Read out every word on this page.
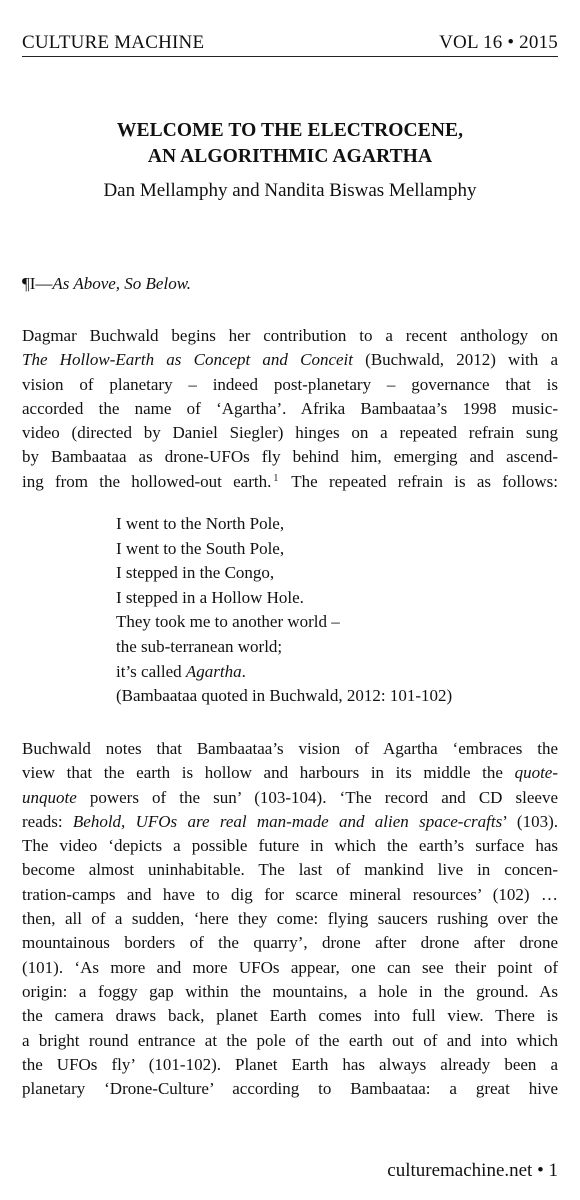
CULTURE MACHINE	VOL 16 • 2015
WELCOME TO THE ELECTROCENE,
AN ALGORITHMIC AGARTHA
Dan Mellamphy and Nandita Biswas Mellamphy
¶I—As Above, So Below.
Dagmar Buchwald begins her contribution to a recent anthology on
The Hollow-Earth as Concept and Conceit (Buchwald, 2012) with a
vision of planetary – indeed post-planetary – governance that is
accorded the name of ‘Agartha’. Afrika Bambaataa’s 1998 music-
video (directed by Daniel Siegler) hinges on a repeated refrain sung
by Bambaataa as drone-UFOs fly behind him, emerging and ascend-
ing from the hollowed-out earth. $^1$ The repeated refrain is as follows:
I went to the North Pole,
I went to the South Pole,
I stepped in the Congo,
I stepped in a Hollow Hole.
They took me to another world –
the sub-terranean world;
it’s called Agartha.
(Bambaataa quoted in Buchwald, 2012: 101-102)
Buchwald notes that Bambaataa’s vision of Agartha ‘embraces the
view that the earth is hollow and harbours in its middle the quote-
unquote powers of the sun’ (103-104). ‘The record and CD sleeve
reads: Behold, UFOs are real man-made and alien space-crafts’ (103).
The video ‘depicts a possible future in which the earth’s surface has
become almost uninhabitable. The last of mankind live in concen-
tration-camps and have to dig for scarce mineral resources’ (102) …
then, all of a sudden, ‘here they come: flying saucers rushing over the
mountainous borders of the quarry’, drone after drone after drone
(101). ‘As more and more UFOs appear, one can see their point of
origin: a foggy gap within the mountains, a hole in the ground. As
the camera draws back, planet Earth comes into full view. There is
a bright round entrance at the pole of the earth out of and into which
the UFOs fly’ (101-102). Planet Earth has always already been a
planetary ‘Drone-Culture’ according to Bambaataa: a great hive
culturemachine.net • 1
